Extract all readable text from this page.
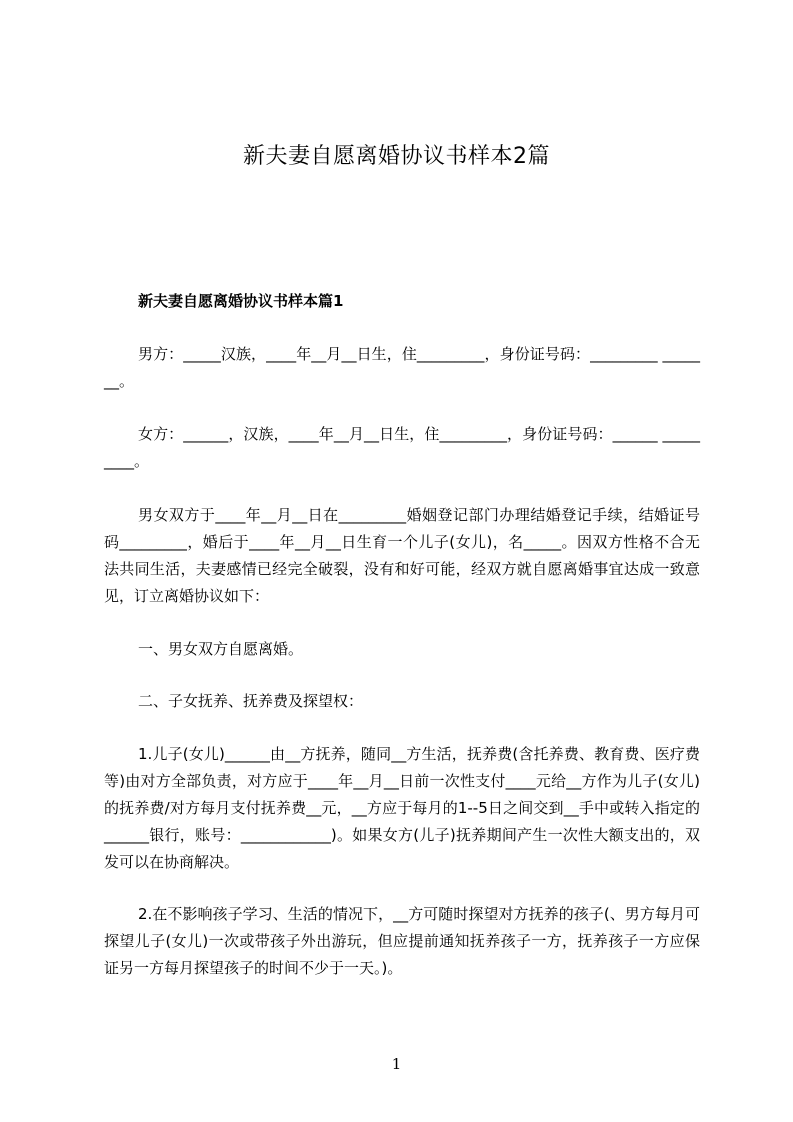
新夫妻自愿离婚协议书样本2篇
新夫妻自愿离婚协议书样本篇1

男方：_____汉族，____年__月__日生，住_________，身份证号码：_________ _______。

女方：______，汉族，____年__月__日生，住_________，身份证号码：______ _________。

男女双方于____年__月__日在_________婚姻登记部门办理结婚登记手续，结婚证号码_________，婚后于____年__月__日生育一个儿子(女儿)，名_____。因双方性格不合无法共同生活，夫妻感情已经完全破裂，没有和好可能，经双方就自愿离婚事宜达成一致意见，订立离婚协议如下：

一、男女双方自愿离婚。

二、子女抚养、抚养费及探望权：

1.儿子(女儿)______由__方抚养，随同__方生活，抚养费(含托养费、教育费、医疗费等)由对方全部负责，对方应于____年__月__日前一次性支付____元给__方作为儿子(女儿)的抚养费/对方每月支付抚养费__元，__方应于每月的1--5日之间交到__手中或转入指定的______银行，账号：____________)。如果女方(儿子)抚养期间产生一次性大额支出的，双发可以在协商解决。

2.在不影响孩子学习、生活的情况下，__方可随时探望对方抚养的孩子(、男方每月可探望儿子(女儿)一次或带孩子外出游玩，但应提前通知抚养孩子一方，抚养孩子一方应保证另一方每月探望孩子的时间不少于一天。)。

1
